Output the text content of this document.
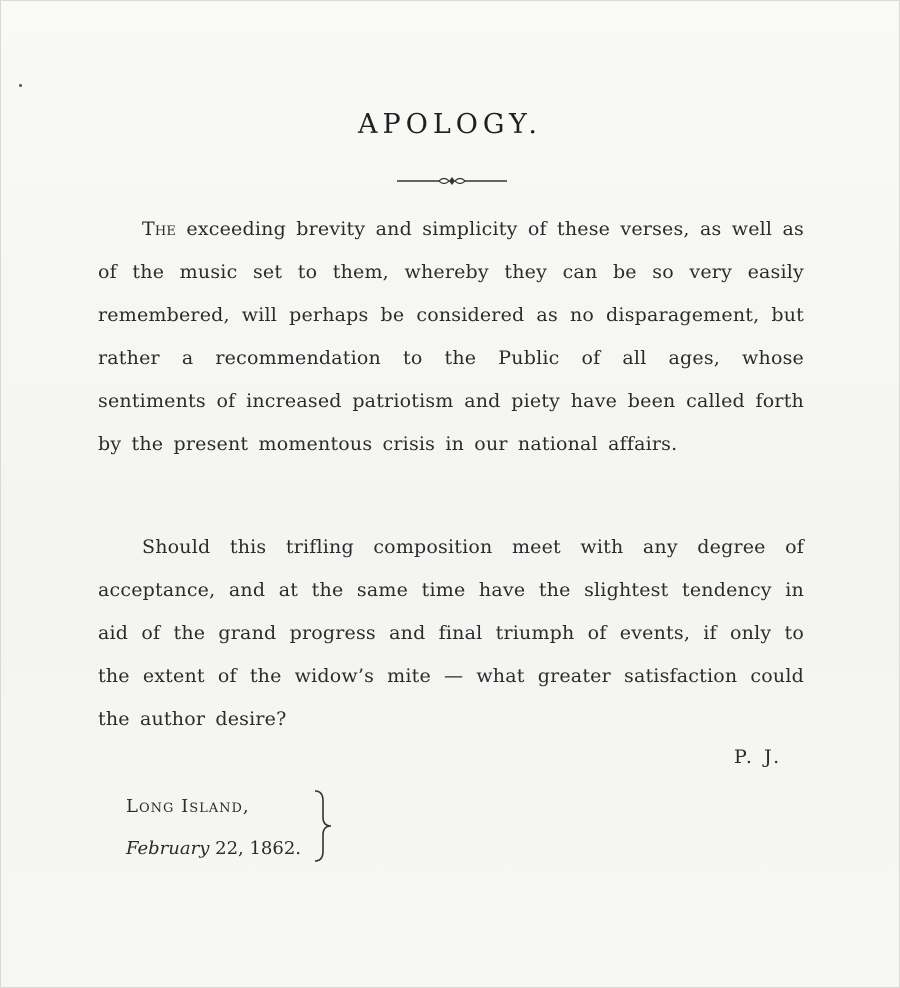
APOLOGY.

The exceeding brevity and simplicity of these verses, as well as of the music set to them, whereby they can be so very easily remembered, will perhaps be considered as no disparagement, but rather a recommendation to the Public of all ages, whose sentiments of increased patriotism and piety have been called forth by the present momentous crisis in our national affairs.

Should this trifling composition meet with any degree of acceptance, and at the same time have the slightest tendency in aid of the grand progress and final triumph of events, if only to the extent of the widow’s mite — what greater satisfaction could the author desire?

P. J.

Long Island,
February 22, 1862.
